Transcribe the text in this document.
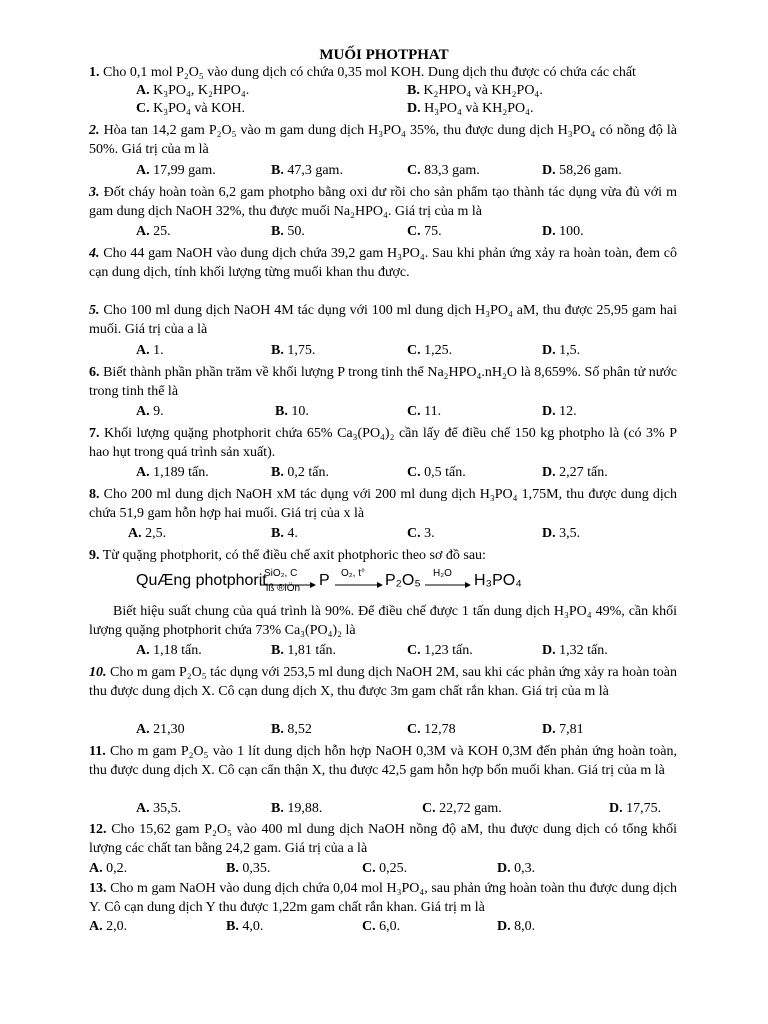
MUỐI PHOTPHAT
1. Cho 0,1 mol P₂O₅ vào dung dịch có chứa 0,35 mol KOH. Dung dịch thu được có chứa các chất
A. K₃PO₄, K₂HPO₄.	B. K₂HPO₄ và KH₂PO₄.
C. K₃PO₄ và KOH.	D. H₃PO₄ và KH₂PO₄.
2. Hòa tan 14,2 gam P₂O₅ vào m gam dung dịch H₃PO₄ 35%, thu được dung dịch H₃PO₄ có nồng độ là 50%. Giá trị của m là
A. 17,99 gam.	B. 47,3 gam.	C. 83,3 gam.	D. 58,26 gam.
3. Đốt cháy hoàn toàn 6,2 gam photpho bằng oxi dư rồi cho sản phẩm tạo thành tác dụng vừa đủ với m gam dung dịch NaOH 32%, thu được muối Na₂HPO₄. Giá trị của m là
A. 25.	B. 50.	C. 75.	D. 100.
4. Cho 44 gam NaOH vào dung dịch chứa 39,2 gam H₃PO₄. Sau khi phản ứng xảy ra hoàn toàn, đem cô cạn dung dịch, tính khối lượng từng muối khan thu được.
5. Cho 100 ml dung dịch NaOH 4M tác dụng với 100 ml dung dịch H₃PO₄ aM, thu được 25,95 gam hai muối. Giá trị của a là
A. 1.	B. 1,75.	C. 1,25.	D. 1,5.
6. Biết thành phần phần trăm về khối lượng P trong tinh thể Na₂HPO₄.nH₂O là 8,659%. Số phân tử nước trong tinh thể là
A. 9.	B. 10.	C. 11.	D. 12.
7. Khối lượng quặng photphorit chứa 65% Ca₃(PO₄)₂ cần lấy để điều chế 150 kg photpho là (có 3% P hao hụt trong quá trình sản xuất).
A. 1,189 tấn.	B. 0,2 tấn.	C. 0,5 tấn.	D. 2,27 tấn.
8. Cho 200 ml dung dịch NaOH xM tác dụng với 200 ml dung dịch H₃PO₄ 1,75M, thu được dung dịch chứa 51,9 gam hỗn hợp hai muối. Giá trị của x là
A. 2,5.	B. 4.	C. 3.	D. 3,5.
9. Từ quặng photphorit, có thể điều chế axit photphoric theo sơ đồ sau:
QuÆng photphorit
SiO₂, C
lß ®iÖn P O₂, t° P₂O₅ H₂O H₃PO₄
Biết hiệu suất chung của quá trình là 90%. Để điều chế được 1 tấn dung dịch H₃PO₄ 49%, cần khối lượng quặng photphorit chứa 73% Ca₃(PO₄)₂ là
A. 1,18 tấn.	B. 1,81 tấn.	C. 1,23 tấn.	D. 1,32 tấn.
10. Cho m gam P₂O₅ tác dụng với 253,5 ml dung dịch NaOH 2M, sau khi các phản ứng xảy ra hoàn toàn thu được dung dịch X. Cô cạn dung dịch X, thu được 3m gam chất rắn khan. Giá trị của m là
A. 21,30	B. 8,52	C. 12,78	D. 7,81
11. Cho m gam P₂O₅ vào 1 lít dung dịch hỗn hợp NaOH 0,3M và KOH 0,3M đến phản ứng hoàn toàn, thu được dung dịch X. Cô cạn cẩn thận X, thu được 42,5 gam hỗn hợp bốn muối khan. Giá trị của m là
A. 35,5.	B. 19,88.	C. 22,72 gam.	D. 17,75.
12. Cho 15,62 gam P₂O₅ vào 400 ml dung dịch NaOH nồng độ aM, thu được dung dịch có tổng khối lượng các chất tan bằng 24,2 gam. Giá trị của a là
A. 0,2.	B. 0,35.	C. 0,25.	D. 0,3.
13. Cho m gam NaOH vào dung dịch chứa 0,04 mol H₃PO₄, sau phản ứng hoàn toàn thu được dung dịch Y. Cô cạn dung dịch Y thu được 1,22m gam chất rắn khan. Giá trị m là
A. 2,0.	B. 4,0.	C. 6,0.	D. 8,0.
